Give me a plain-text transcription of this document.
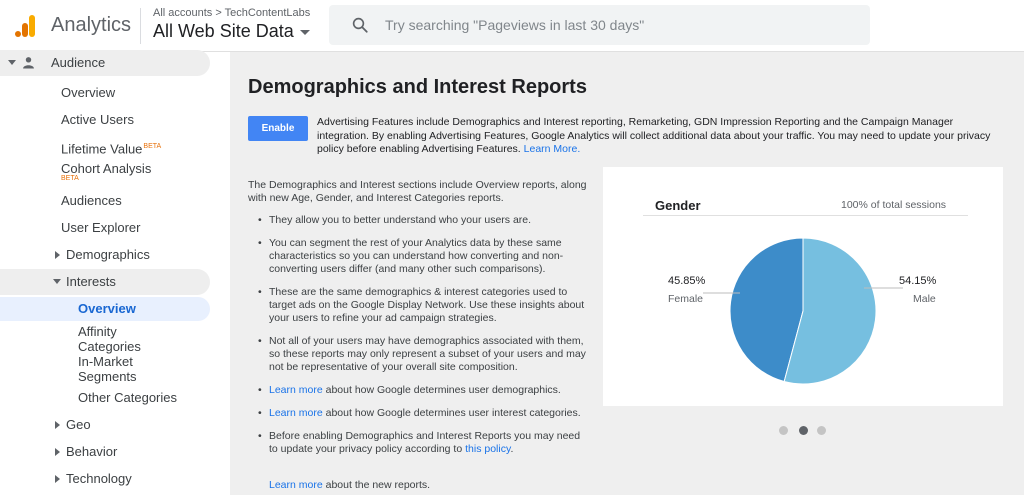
Analytics
All accounts > TechContentLabs
All Web Site Data
Try searching "Pageviews in last 30 days"
Audience
Overview
Active Users
Lifetime Value$^{BETA}$
Cohort Analysis
BETA
Audiences
User Explorer
Demographics
Interests
Overview
Affinity
Categories
In-Market
Segments
Other Categories
Geo
Behavior
Technology
Demographics and Interest Reports
Enable

Advertising Features include Demographics and Interest reporting, Remarketing, GDN Impression Reporting and the Campaign Manager integration. By enabling Advertising Features, Google Analytics will collect additional data about your traffic. You may need to update your privacy policy before enabling Advertising Features. Learn More.

The Demographics and Interest sections include Overview reports, along with new Age, Gender, and Interest Categories reports.

• They allow you to better understand who your users are.
• You can segment the rest of your Analytics data by these same characteristics so you can understand how converting and non-converting users differ (and many other such comparisons).
• These are the same demographics & interest categories used to target ads on the Google Display Network. Use these insights about your users to refine your ad campaign strategies.
• Not all of your users may have demographics associated with them, so these reports may only represent a subset of your users and may not be representative of your overall site composition.
• Learn more about how Google determines user demographics.
• Learn more about how Google determines user interest categories.
• Before enabling Demographics and Interest Reports you may need to update your privacy policy according to this policy.
Learn more about the new reports.
Gender	100% of total sessions
45.85%
Female
54.15%
Male
